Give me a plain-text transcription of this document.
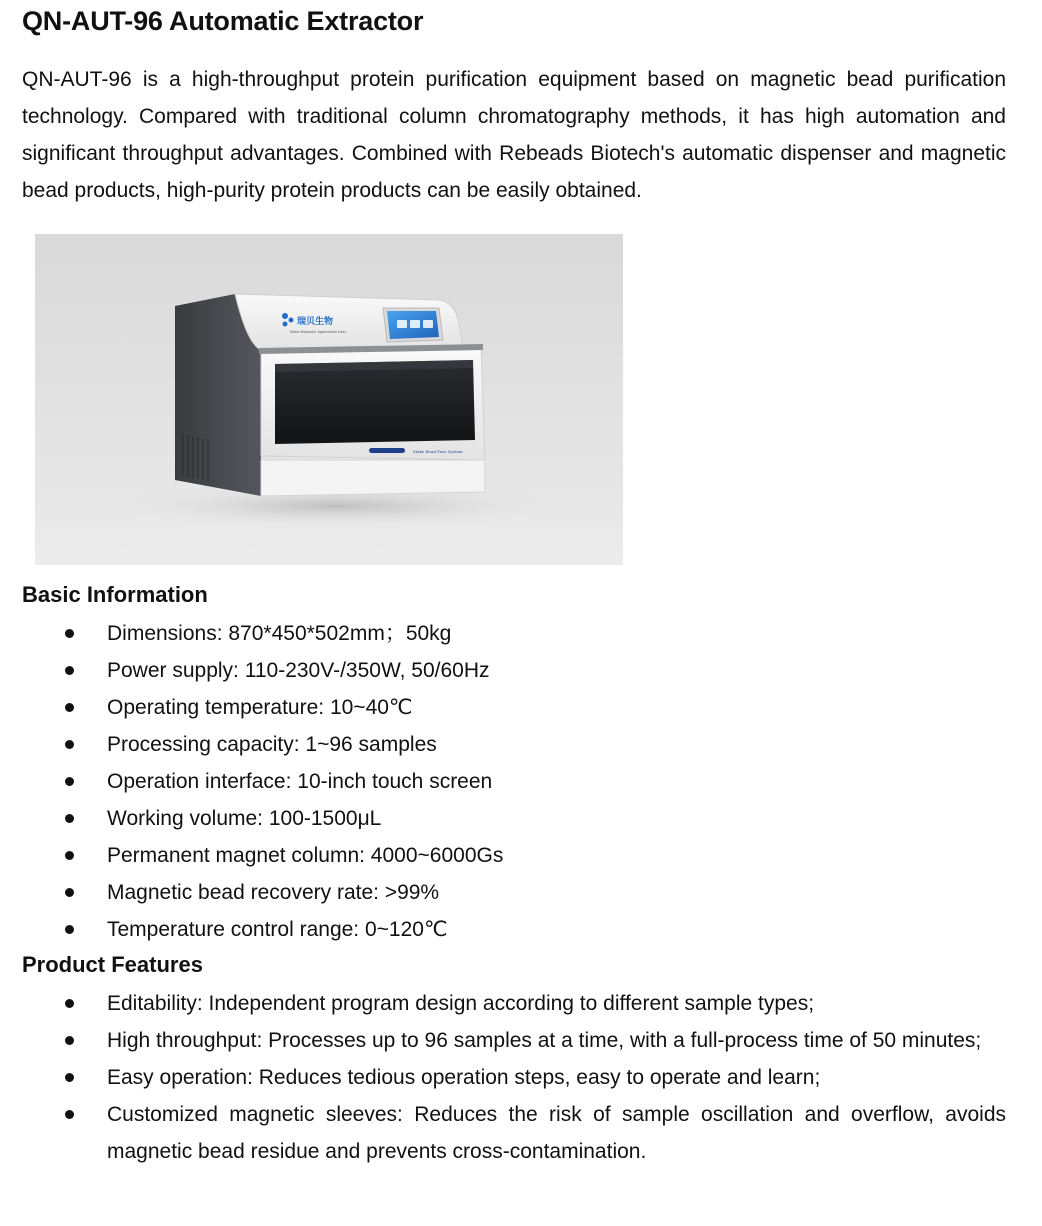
QN-AUT-96 Automatic Extractor

QN-AUT-96 is a high-throughput protein purification equipment based on magnetic bead purification technology. Compared with traditional column chromatography methods, it has high automation and significant throughput advantages. Combined with Rebeads Biotech's automatic dispenser and magnetic bead products, high-purity protein products can be easily obtained.

瑞贝生物
Make Magnetic Application Easy
Make Bead Pure System
Basic Information
Dimensions: 870*450*502mm；50kg
Power supply: 110-230V-/350W, 50/60Hz
Operating temperature: 10~40℃
Processing capacity: 1~96 samples
Operation interface: 10-inch touch screen
Working volume: 100-1500μL
Permanent magnet column: 4000~6000Gs
Magnetic bead recovery rate: >99%
Temperature control range: 0~120℃
Product Features
Editability: Independent program design according to different sample types;
High throughput: Processes up to 96 samples at a time, with a full-process time of 50 minutes;
Easy operation: Reduces tedious operation steps, easy to operate and learn;
Customized magnetic sleeves: Reduces the risk of sample oscillation and overflow, avoids magnetic bead residue and prevents cross-contamination.
